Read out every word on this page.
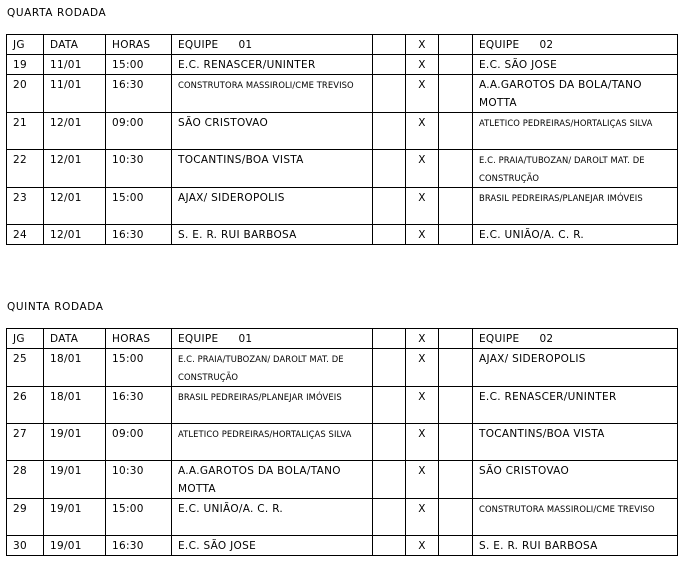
QUARTA RODADA
JG	DATA	HORAS	EQUIPE 01		X		EQUIPE 02
19	11/01	15:00	E.C. RENASCER/UNINTER		X		E.C. SÃO JOSE
20	11/01	16:30	CONSTRUTORA MASSIROLI/CME TREVISO		X		A.A.GAROTOS DA BOLA/TANO MOTTA
21	12/01	09:00	SÃO CRISTOVAO		X		ATLETICO PEDREIRAS/HORTALIÇAS SILVA
22	12/01	10:30	TOCANTINS/BOA VISTA		X		E.C. PRAIA/TUBOZAN/ DAROLT MAT. DE CONSTRUÇÃO
23	12/01	15:00	AJAX/ SIDEROPOLIS		X		BRASIL PEDREIRAS/PLANEJAR IMÓVEIS
24	12/01	16:30	S. E. R. RUI BARBOSA		X		E.C. UNIÃO/A. C. R.
QUINTA RODADA
JG	DATA	HORAS	EQUIPE 01		X		EQUIPE 02
25	18/01	15:00	E.C. PRAIA/TUBOZAN/ DAROLT MAT. DE CONSTRUÇÃO		X		AJAX/ SIDEROPOLIS
26	18/01	16:30	BRASIL PEDREIRAS/PLANEJAR IMÓVEIS		X		E.C. RENASCER/UNINTER
27	19/01	09:00	ATLETICO PEDREIRAS/HORTALIÇAS SILVA		X		TOCANTINS/BOA VISTA
28	19/01	10:30	A.A.GAROTOS DA BOLA/TANO MOTTA		X		SÃO CRISTOVAO
29	19/01	15:00	E.C. UNIÃO/A. C. R.		X		CONSTRUTORA MASSIROLI/CME TREVISO
30	19/01	16:30	E.C. SÃO JOSE		X		S. E. R. RUI BARBOSA
